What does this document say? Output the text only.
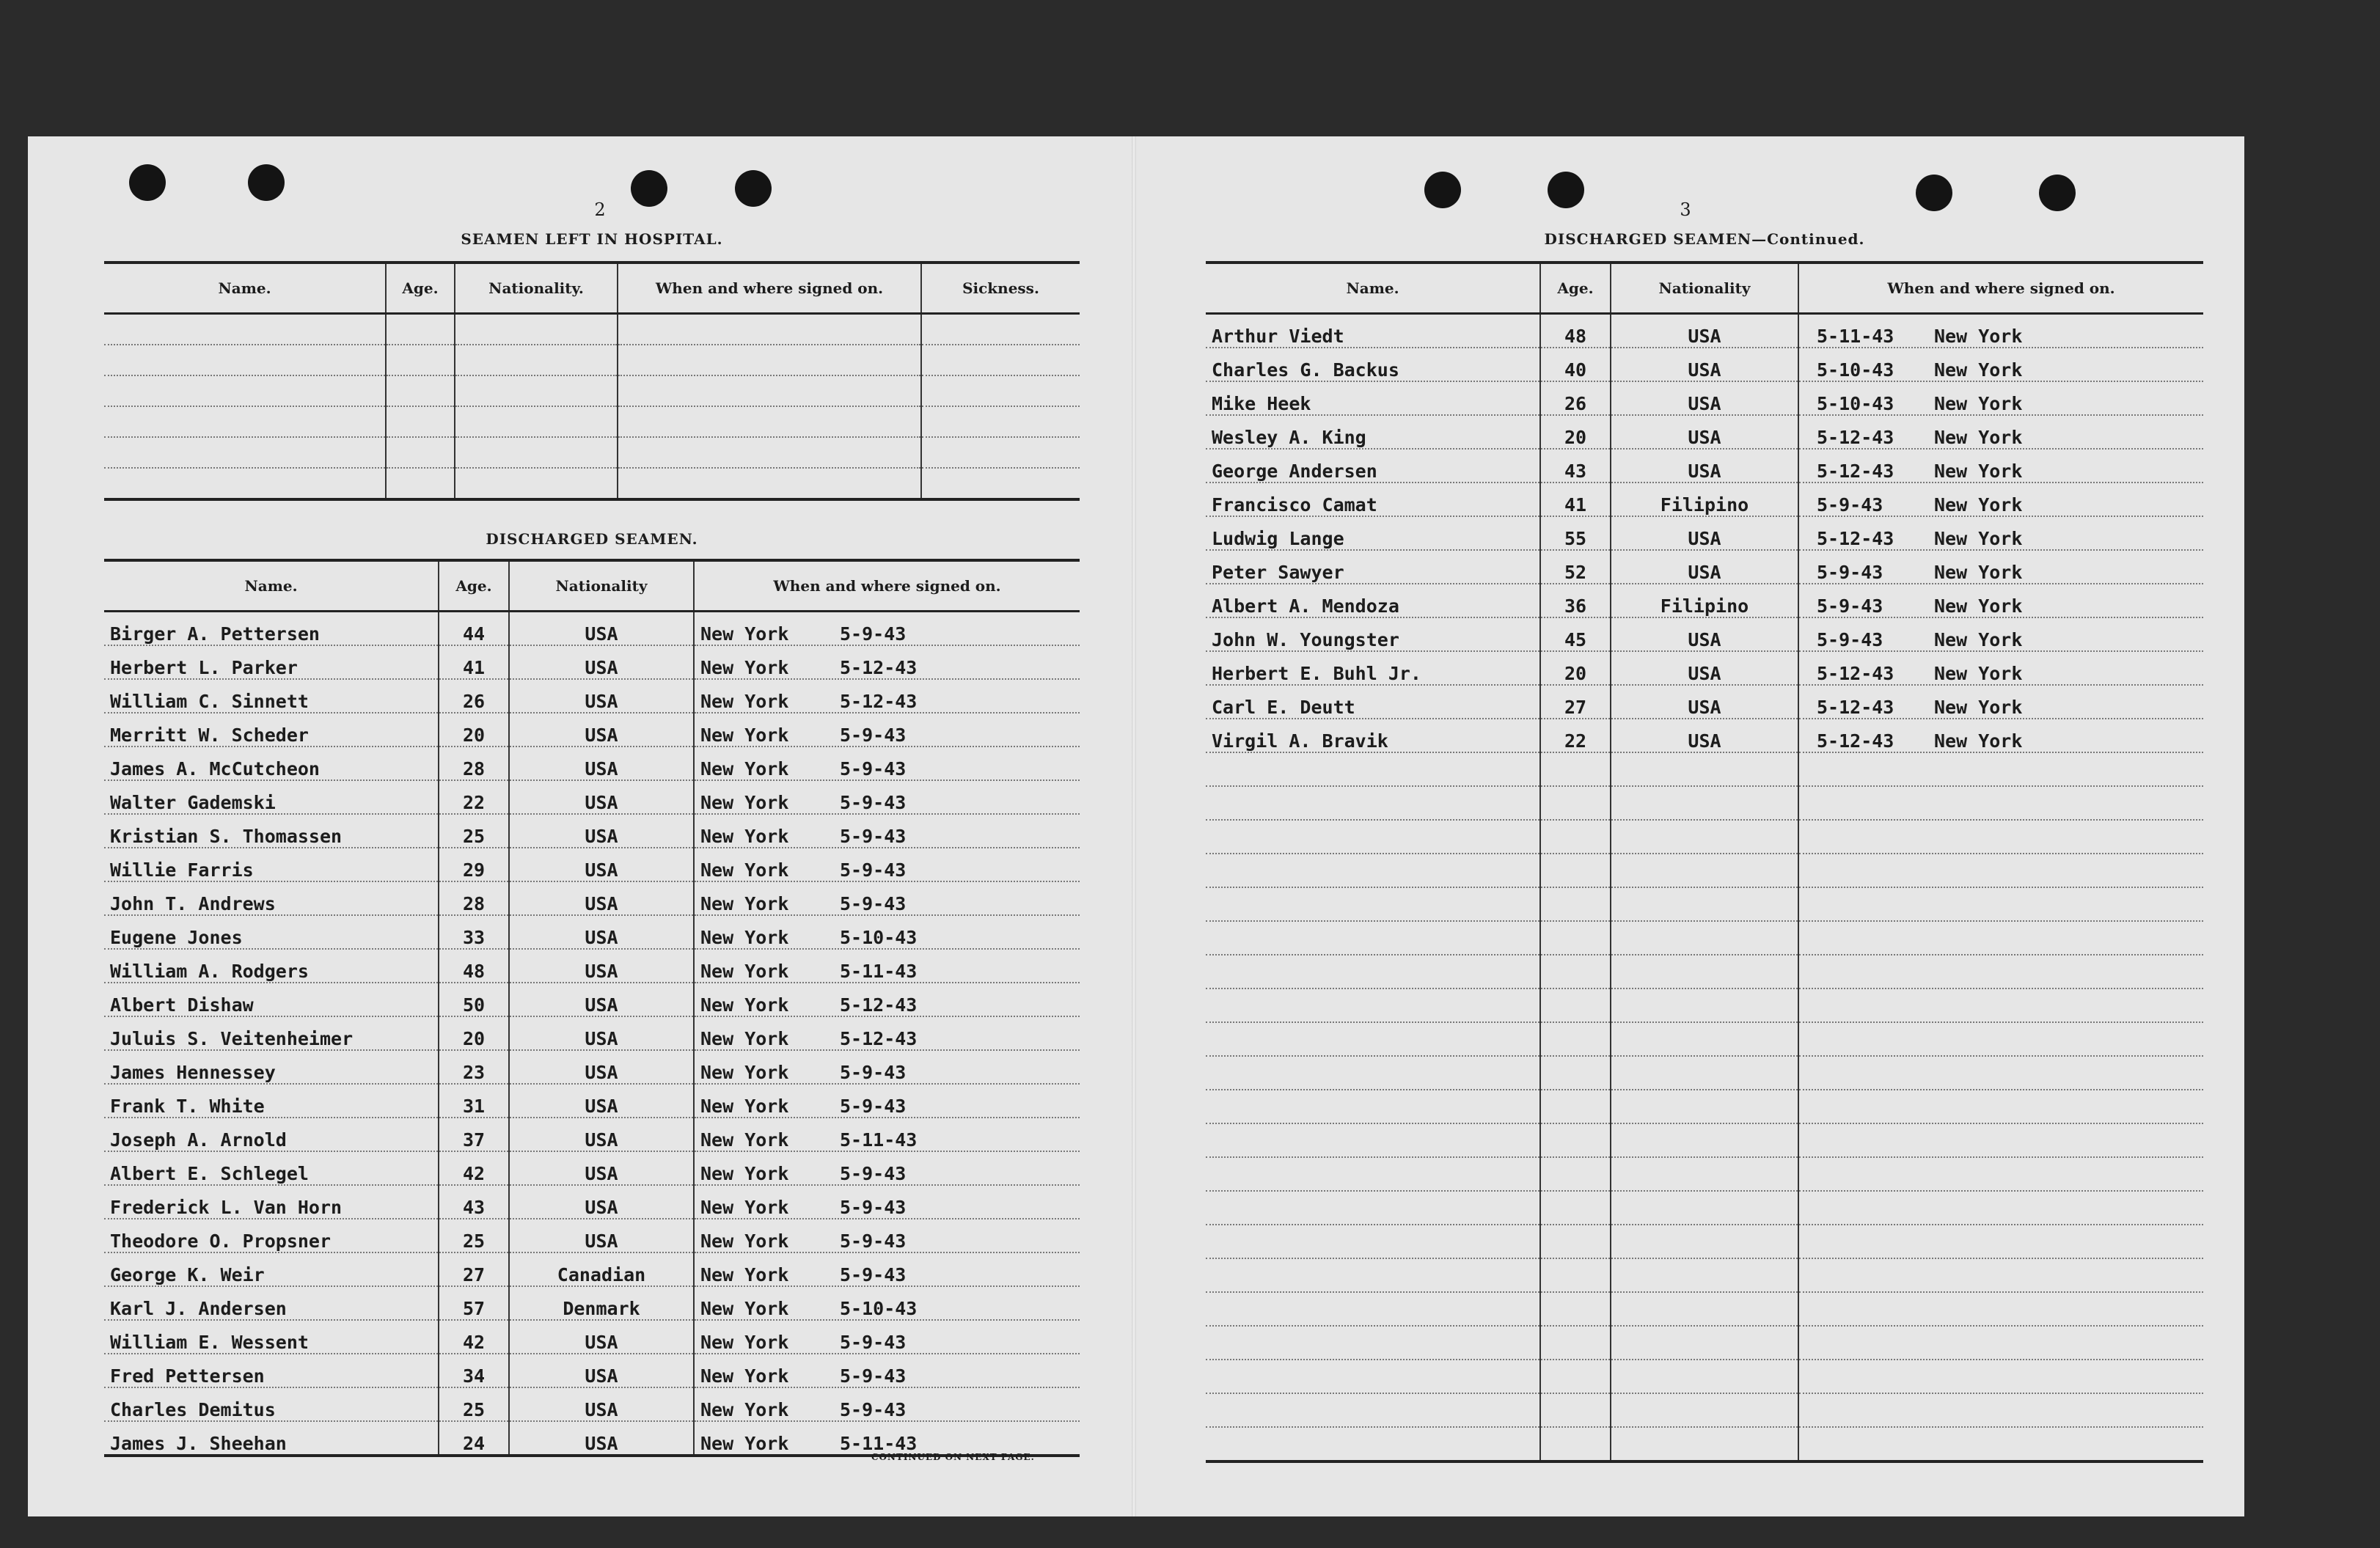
2
SEAMEN LEFT IN HOSPITAL.
Name.	Age.	Nationality.	When and where signed on.	Sickness.

DISCHARGED SEAMEN.
Name.	Age.	Nationality	When and where signed on.
Birger A. Pettersen	44	USA	New York 5-9-43
Herbert L. Parker	41	USA	New York 5-12-43
William C. Sinnett	26	USA	New York 5-12-43
Merritt W. Scheder	20	USA	New York 5-9-43
James A. McCutcheon	28	USA	New York 5-9-43
Walter Gademski	22	USA	New York 5-9-43
Kristian S. Thomassen	25	USA	New York 5-9-43
Willie Farris	29	USA	New York 5-9-43
John T. Andrews	28	USA	New York 5-9-43
Eugene Jones	33	USA	New York 5-10-43
William A. Rodgers	48	USA	New York 5-11-43
Albert Dishaw	50	USA	New York 5-12-43
Juluis S. Veitenheimer	20	USA	New York 5-12-43
James Hennessey	23	USA	New York 5-9-43
Frank T. White	31	USA	New York 5-9-43
Joseph A. Arnold	37	USA	New York 5-11-43
Albert E. Schlegel	42	USA	New York 5-9-43
Frederick L. Van Horn	43	USA	New York 5-9-43
Theodore O. Propsner	25	USA	New York 5-9-43
George K. Weir	27	Canadian	New York 5-9-43
Karl J. Andersen	57	Denmark	New York 5-10-43
William E. Wessent	42	USA	New York 5-9-43
Fred Pettersen	34	USA	New York 5-9-43
Charles Demitus	25	USA	New York 5-9-43
James J. Sheehan	24	USA	New York 5-11-43
CONTINUED ON NEXT PAGE.
3
DISCHARGED SEAMEN—Continued.
Name.	Age.	Nationality	When and where signed on.
Arthur Viedt	48	USA	5-11-43 New York
Charles G. Backus	40	USA	5-10-43 New York
Mike Heek	26	USA	5-10-43 New York
Wesley A. King	20	USA	5-12-43 New York
George Andersen	43	USA	5-12-43 New York
Francisco Camat	41	Filipino	5-9-43 New York
Ludwig Lange	55	USA	5-12-43 New York
Peter Sawyer	52	USA	5-9-43 New York
Albert A. Mendoza	36	Filipino	5-9-43 New York
John W. Youngster	45	USA	5-9-43 New York
Herbert E. Buhl Jr.	20	USA	5-12-43 New York
Carl E. Deutt	27	USA	5-12-43 New York
Virgil A. Bravik	22	USA	5-12-43 New York
